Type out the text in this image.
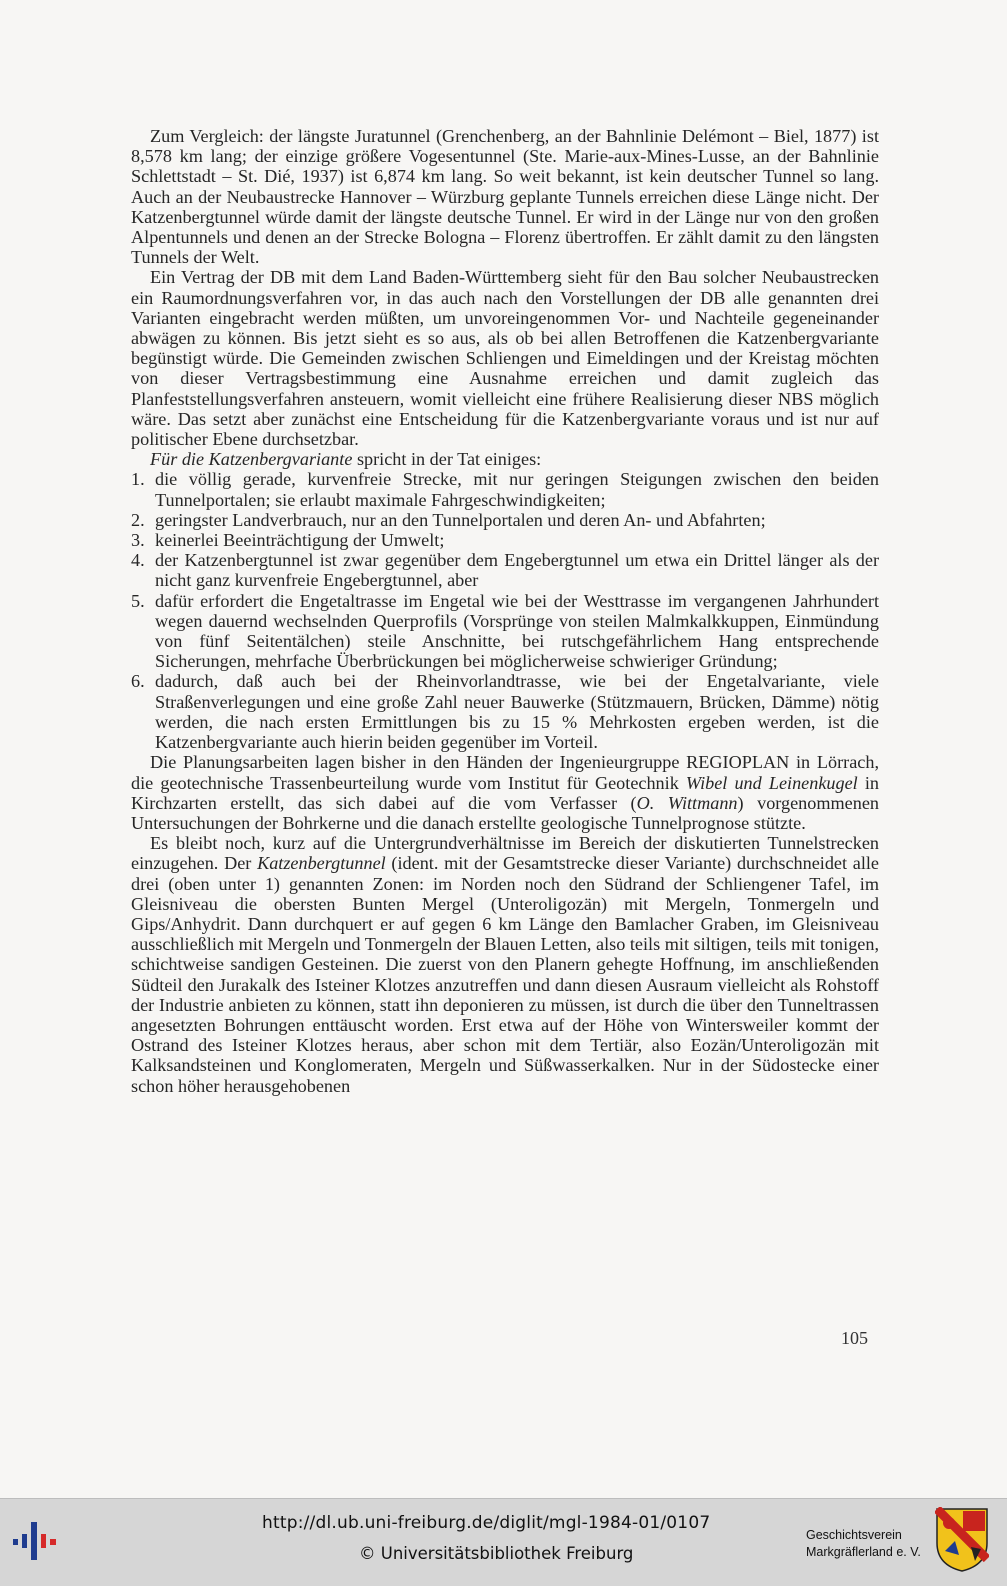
Zum Vergleich: der längste Juratunnel (Grenchenberg, an der Bahnlinie Delémont – Biel, 1877) ist 8,578 km lang; der einzige größere Vogesentunnel (Ste. Marie-aux-Mines-Lusse, an der Bahnlinie Schlettstadt – St. Dié, 1937) ist 6,874 km lang. So weit bekannt, ist kein deutscher Tunnel so lang. Auch an der Neubaustrecke Hannover – Würzburg geplante Tunnels erreichen diese Länge nicht. Der Katzenbergtunnel würde damit der längste deutsche Tunnel. Er wird in der Länge nur von den großen Alpentunnels und denen an der Strecke Bologna – Florenz übertroffen. Er zählt damit zu den längsten Tunnels der Welt.

Ein Vertrag der DB mit dem Land Baden-Württemberg sieht für den Bau solcher Neubaustrecken ein Raumordnungsverfahren vor, in das auch nach den Vorstellungen der DB alle genannten drei Varianten eingebracht werden müßten, um unvoreingenommen Vor- und Nachteile gegeneinander abwägen zu können. Bis jetzt sieht es so aus, als ob bei allen Betroffenen die Katzenbergvariante begünstigt würde. Die Gemeinden zwischen Schliengen und Eimeldingen und der Kreistag möchten von dieser Vertragsbestimmung eine Ausnahme erreichen und damit zugleich das Planfeststellungsverfahren ansteuern, womit vielleicht eine frühere Realisierung dieser NBS möglich wäre. Das setzt aber zunächst eine Entscheidung für die Katzenbergvariante voraus und ist nur auf politischer Ebene durchsetzbar.

Für die Katzenbergvariante spricht in der Tat einiges:

1. die völlig gerade, kurvenfreie Strecke, mit nur geringen Steigungen zwischen den beiden Tunnelportalen; sie erlaubt maximale Fahrgeschwindigkeiten;
2. geringster Landverbrauch, nur an den Tunnelportalen und deren An- und Abfahrten;
3. keinerlei Beeinträchtigung der Umwelt;
4. der Katzenbergtunnel ist zwar gegenüber dem Engebergtunnel um etwa ein Drittel länger als der nicht ganz kurvenfreie Engebergtunnel, aber
5. dafür erfordert die Engetaltrasse im Engetal wie bei der Westtrasse im vergangenen Jahrhundert wegen dauernd wechselnden Querprofils (Vorsprünge von steilen Malmkalkkuppen, Einmündung von fünf Seitentälchen) steile Anschnitte, bei rutschgefährlichem Hang entsprechende Sicherungen, mehrfache Überbrückungen bei möglicherweise schwieriger Gründung;
6. dadurch, daß auch bei der Rheinvorlandtrasse, wie bei der Engetalvariante, viele Straßenverlegungen und eine große Zahl neuer Bauwerke (Stützmauern, Brücken, Dämme) nötig werden, die nach ersten Ermittlungen bis zu 15 % Mehrkosten ergeben werden, ist die Katzenbergvariante auch hierin beiden gegenüber im Vorteil.

Die Planungsarbeiten lagen bisher in den Händen der Ingenieurgruppe REGIOPLAN in Lörrach, die geotechnische Trassenbeurteilung wurde vom Institut für Geotechnik Wibel und Leinenkugel in Kirchzarten erstellt, das sich dabei auf die vom Verfasser (O. Wittmann) vorgenommenen Untersuchungen der Bohrkerne und die danach erstellte geologische Tunnelprognose stützte.

Es bleibt noch, kurz auf die Untergrundverhältnisse im Bereich der diskutierten Tunnelstrecken einzugehen. Der Katzenbergtunnel (ident. mit der Gesamtstrecke dieser Variante) durchschneidet alle drei (oben unter 1) genannten Zonen: im Norden noch den Südrand der Schliengener Tafel, im Gleisniveau die obersten Bunten Mergel (Unteroligozän) mit Mergeln, Tonmergeln und Gips/Anhydrit. Dann durchquert er auf gegen 6 km Länge den Bamlacher Graben, im Gleisniveau ausschließlich mit Mergeln und Tonmergeln der Blauen Letten, also teils mit siltigen, teils mit tonigen, schichtweise sandigen Gesteinen. Die zuerst von den Planern gehegte Hoffnung, im anschließenden Südteil den Jurakalk des Isteiner Klotzes anzutreffen und dann diesen Ausraum vielleicht als Rohstoff der Industrie anbieten zu können, statt ihn deponieren zu müssen, ist durch die über den Tunneltrassen angesetzten Bohrungen enttäuscht worden. Erst etwa auf der Höhe von Wintersweiler kommt der Ostrand des Isteiner Klotzes heraus, aber schon mit dem Tertiär, also Eozän/Unteroligozän mit Kalksandsteinen und Konglomeraten, Mergeln und Süßwasserkalken. Nur in der Südostecke einer schon höher herausgehobenen

105
http://dl.ub.uni-freiburg.de/diglit/mgl-1984-01/0107
© Universitätsbibliothek Freiburg
Geschichtsverein
Markgräflerland e. V.
